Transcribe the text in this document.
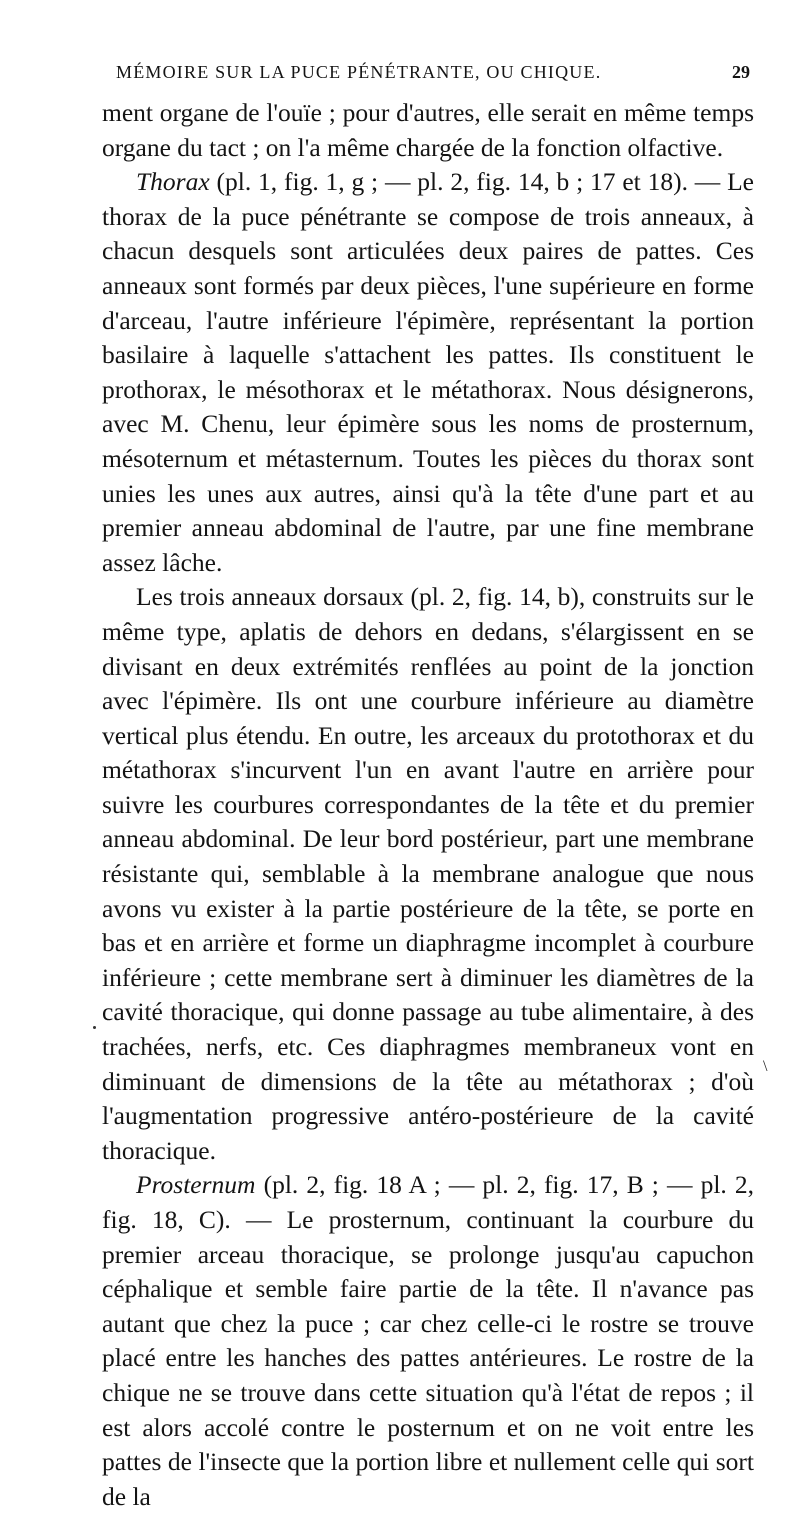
MÉMOIRE SUR LA PUCE PÉNÉTRANTE, OU CHIQUE.	29

ment organe de l'ouïe ; pour d'autres, elle serait en même temps organe du tact ; on l'a même chargée de la fonction olfactive.

Thorax (pl. 1, fig. 1, g ; — pl. 2, fig. 14, b ; 17 et 18). — Le thorax de la puce pénétrante se compose de trois anneaux, à chacun desquels sont articulées deux paires de pattes. Ces anneaux sont formés par deux pièces, l'une supérieure en forme d'arceau, l'autre inférieure l'épimère, représentant la portion basilaire à laquelle s'attachent les pattes. Ils constituent le prothorax, le mésothorax et le métathorax. Nous désignerons, avec M. Chenu, leur épimère sous les noms de prosternum, mésoternum et métasternum. Toutes les pièces du thorax sont unies les unes aux autres, ainsi qu'à la tête d'une part et au premier anneau abdominal de l'autre, par une fine membrane assez lâche.

Les trois anneaux dorsaux (pl. 2, fig. 14, b), construits sur le même type, aplatis de dehors en dedans, s'élargissent en se divisant en deux extrémités renflées au point de la jonction avec l'épimère. Ils ont une courbure inférieure au diamètre vertical plus étendu. En outre, les arceaux du protothorax et du métathorax s'incurvent l'un en avant l'autre en arrière pour suivre les courbures correspondantes de la tête et du premier anneau abdominal. De leur bord postérieur, part une membrane résistante qui, semblable à la membrane analogue que nous avons vu exister à la partie postérieure de la tête, se porte en bas et en arrière et forme un diaphragme incomplet à courbure inférieure ; cette membrane sert à diminuer les diamètres de la cavité thoracique, qui donne passage au tube alimentaire, à des trachées, nerfs, etc. Ces diaphragmes membraneux vont en diminuant de dimensions de la tête au métathorax ; d'où l'augmentation progressive antéro-postérieure de la cavité thoracique.

Prosternum (pl. 2, fig. 18 A ; — pl. 2, fig. 17, B ; — pl. 2, fig. 18, C). — Le prosternum, continuant la courbure du premier arceau thoracique, se prolonge jusqu'au capuchon céphalique et semble faire partie de la tête. Il n'avance pas autant que chez la puce ; car chez celle-ci le rostre se trouve placé entre les hanches des pattes antérieures. Le rostre de la chique ne se trouve dans cette situation qu'à l'état de repos ; il est alors accolé contre le posternum et on ne voit entre les pattes de l'insecte que la portion libre et nullement celle qui sort de la

\
